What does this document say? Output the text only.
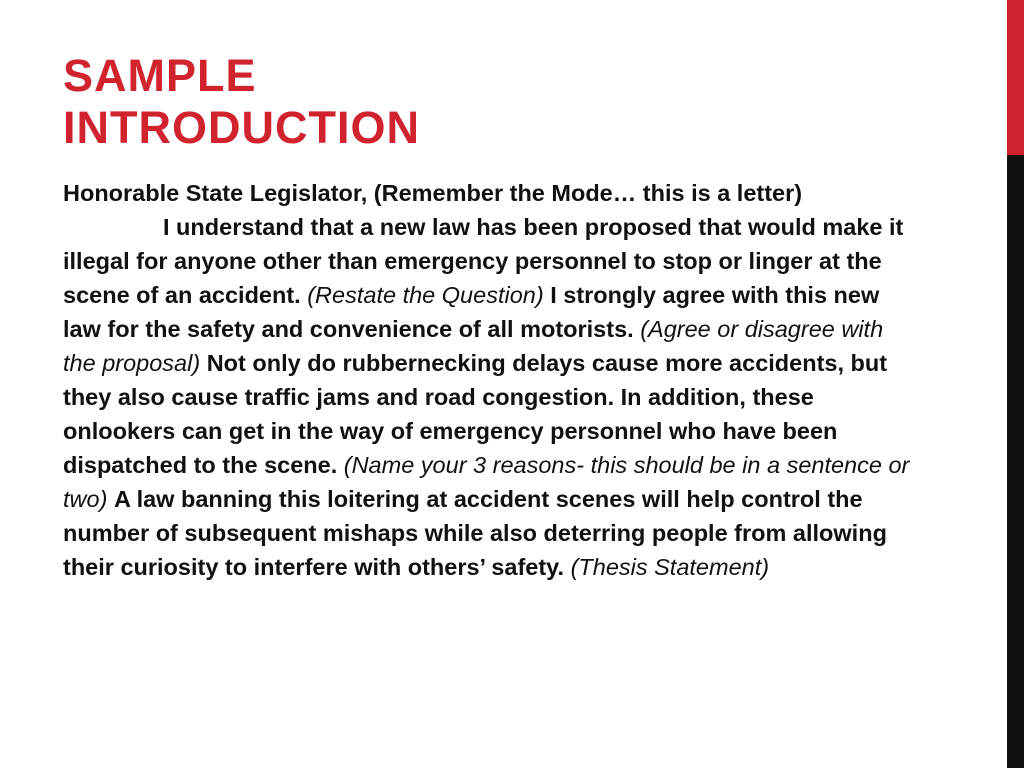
SAMPLE
INTRODUCTION

Honorable State Legislator, (Remember the Mode… this is a letter)

I understand that a new law has been proposed that would make it illegal for anyone other than emergency personnel to stop or linger at the scene of an accident. (Restate the Question) I strongly agree with this new law for the safety and convenience of all motorists. (Agree or disagree with the proposal) Not only do rubbernecking delays cause more accidents, but they also cause traffic jams and road congestion. In addition, these onlookers can get in the way of emergency personnel who have been dispatched to the scene. (Name your 3 reasons- this should be in a sentence or two) A law banning this loitering at accident scenes will help control the number of subsequent mishaps while also deterring people from allowing their curiosity to interfere with others’ safety. (Thesis Statement)
